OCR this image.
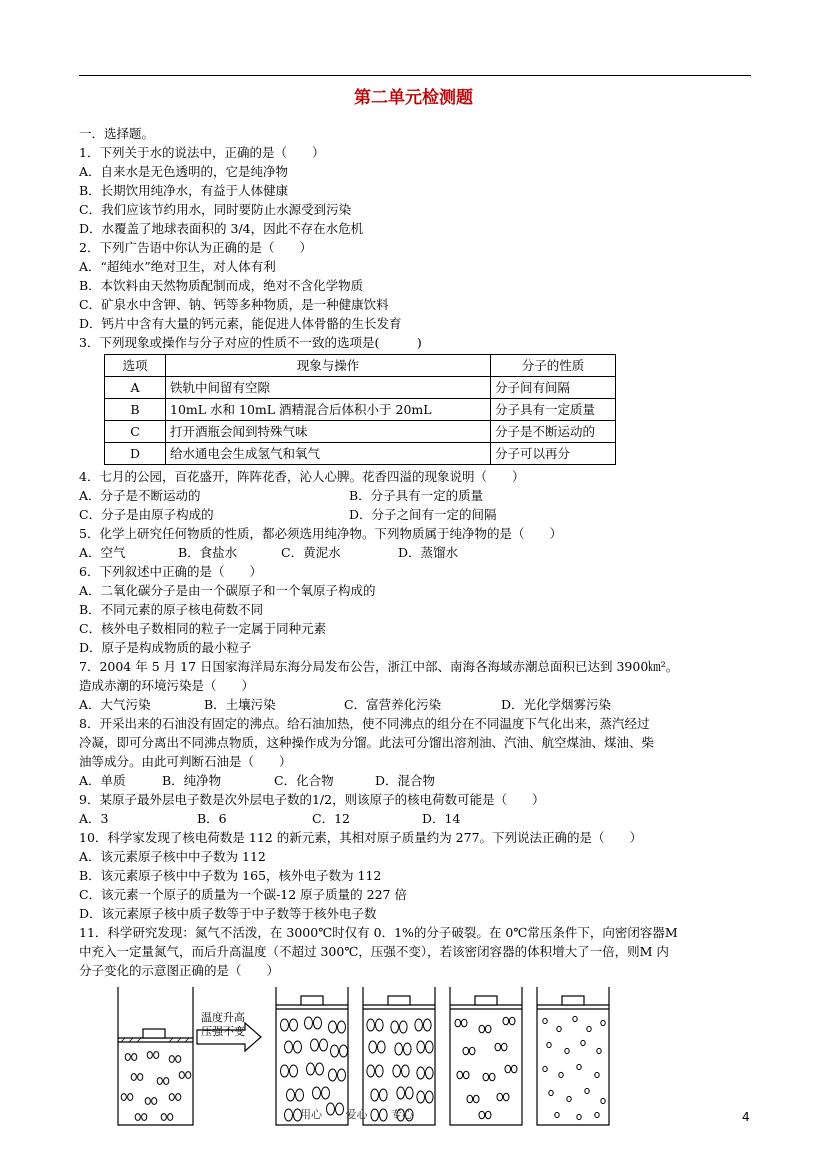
第二单元检测题
一．选择题。
1．下列关于水的说法中，正确的是（　　）
A．自来水是无色透明的，它是纯净物
B．长期饮用纯净水，有益于人体健康
C．我们应该节约用水，同时要防止水源受到污染
D．水覆盖了地球表面积的 3/4，因此不存在水危机
2．下列广告语中你认为正确的是（　　）
A．“超纯水”绝对卫生，对人体有利
B．本饮料由天然物质配制而成，绝对不含化学物质
C．矿泉水中含钾、钠、钙等多种物质，是一种健康饮料
D．钙片中含有大量的钙元素，能促进人体骨骼的生长发育
3．下列现象或操作与分子对应的性质不一致的选项是(　　　)
选项	现象与操作	分子的性质
A	铁轨中间留有空隙	分子间有间隔
B	10mL 水和 10mL 酒精混合后体积小于 20mL	分子具有一定质量
C	打开酒瓶会闻到特殊气味	分子是不断运动的
D	给水通电会生成氢气和氧气	分子可以再分
4．七月的公园，百花盛开，阵阵花香，沁人心脾。花香四溢的现象说明（　　）
A．分子是不断运动的	B．分子具有一定的质量
C．分子是由原子构成的	D．分子之间有一定的间隔
5．化学上研究任何物质的性质，都必须选用纯净物。下列物质属于纯净物的是（　　）
A．空气	B．食盐水	C．黄泥水	D．蒸馏水
6．下列叙述中正确的是（　　）
A．二氧化碳分子是由一个碳原子和一个氧原子构成的
B．不同元素的原子核电荷数不同
C．核外电子数相同的粒子一定属于同种元素
D．原子是构成物质的最小粒子
7．2004 年 5 月 17 日国家海洋局东海分局发布公告，浙江中部、南海各海域赤潮总面积已达到 3900㎞²。
造成赤潮的环境污染是（　　）
A．大气污染	B．土壤污染	C．富营养化污染	D．光化学烟雾污染
8．开采出来的石油没有固定的沸点。给石油加热，使不同沸点的组分在不同温度下气化出来，蒸汽经过
冷凝，即可分离出不同沸点物质，这种操作成为分馏。此法可分馏出溶剂油、汽油、航空煤油、煤油、柴
油等成分。由此可判断石油是（　　）
A．单质	B．纯净物	C．化合物	D．混合物
9．某原子最外层电子数是次外层电子数的1/2，则该原子的核电荷数可能是（　　）
A．3	B．6	C．12	D．14
10．科学家发现了核电荷数是 112 的新元素，其相对原子质量约为 277。下列说法正确的是（　　）
A．该元素原子核中中子数为 112
B．该元素原子核中中子数为 165，核外电子数为 112
C．该元素一个原子的质量为一个碳-12 原子质量的 227 倍
D．该元素原子核中质子数等于中子数等于核外电子数
11．科学研究发现：氮气不活泼，在 3000℃时仅有 0．1%的分子破裂。在 0℃常压条件下，向密闭容器M
中充入一定量氮气，而后升高温度（不超过 300℃，压强不变），若该密闭容器的体积增大了一倍，则M 内
分子变化的示意图正确的是（　　）
温度升高
压强不变
用心 爱心 专心	4
